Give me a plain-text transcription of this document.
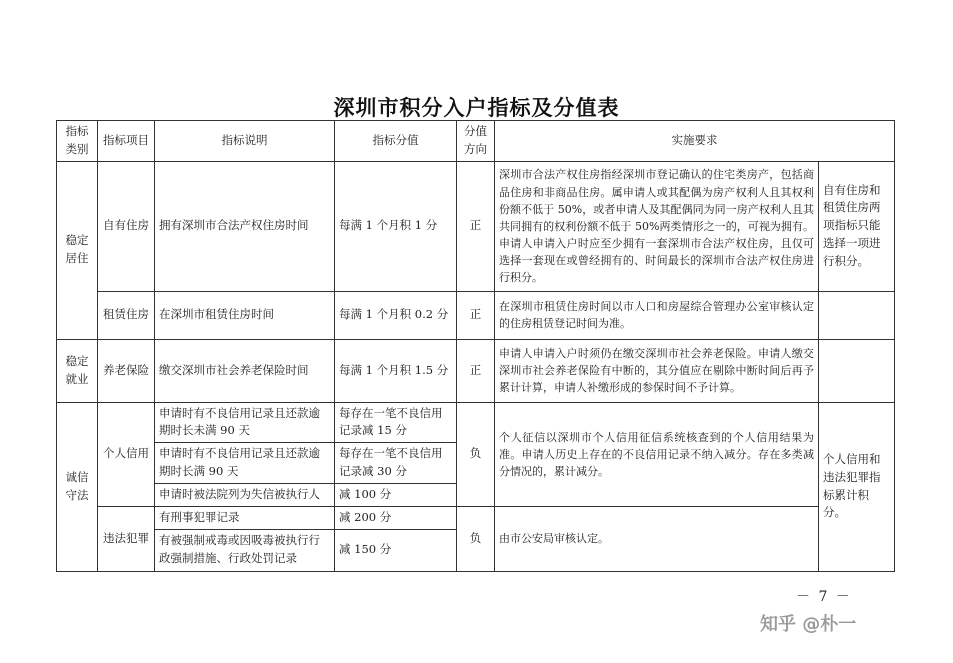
深圳市积分入户指标及分值表
指标类别	指标项目	指标说明	指标分值	分值方向	实施要求	
稳定居住	自有住房	拥有深圳市合法产权住房时间	每满 1 个月积 1 分	正	深圳市合法产权住房指经深圳市登记确认的住宅类房产，包括商品住房和非商品住房。属申请人或其配偶为房产权利人且其权利份额不低于 50%，或者申请人及其配偶同为同一房产权利人且其共同拥有的权利份额不低于 50%两类情形之一的，可视为拥有。申请人申请入户时应至少拥有一套深圳市合法产权住房，且仅可选择一套现在或曾经拥有的、时间最长的深圳市合法产权住房进行积分。	自有住房和租赁住房两项指标只能选择一项进行积分。
	租赁住房	在深圳市租赁住房时间	每满 1 个月积 0.2 分	正	在深圳市租赁住房时间以市人口和房屋综合管理办公室审核认定的住房租赁登记时间为准。	
稳定就业	养老保险	缴交深圳市社会养老保险时间	每满 1 个月积 1.5 分	正	申请人申请入户时须仍在缴交深圳市社会养老保险。申请人缴交深圳市社会养老保险有中断的，其分值应在剔除中断时间后再予累计计算，申请人补缴形成的参保时间不予计算。	
诚信守法	个人信用	申请时有不良信用记录且还款逾期时长未满 90 天	每存在一笔不良信用记录减 15 分	负	个人征信以深圳市个人信用征信系统核查到的个人信用结果为准。申请人历史上存在的不良信用记录不纳入减分。存在多类减分情况的，累计减分。	个人信用和违法犯罪指标累计积分。
		申请时有不良信用记录且还款逾期时长满 90 天	每存在一笔不良信用记录减 30 分			
		申请时被法院列为失信被执行人	减 100 分			
	违法犯罪	有刑事犯罪记录	减 200 分	负	由市公安局审核认定。	
		有被强制戒毒或因吸毒被执行行政强制措施、行政处罚记录	减 150 分			
－ 7 －
知乎 @朴一
